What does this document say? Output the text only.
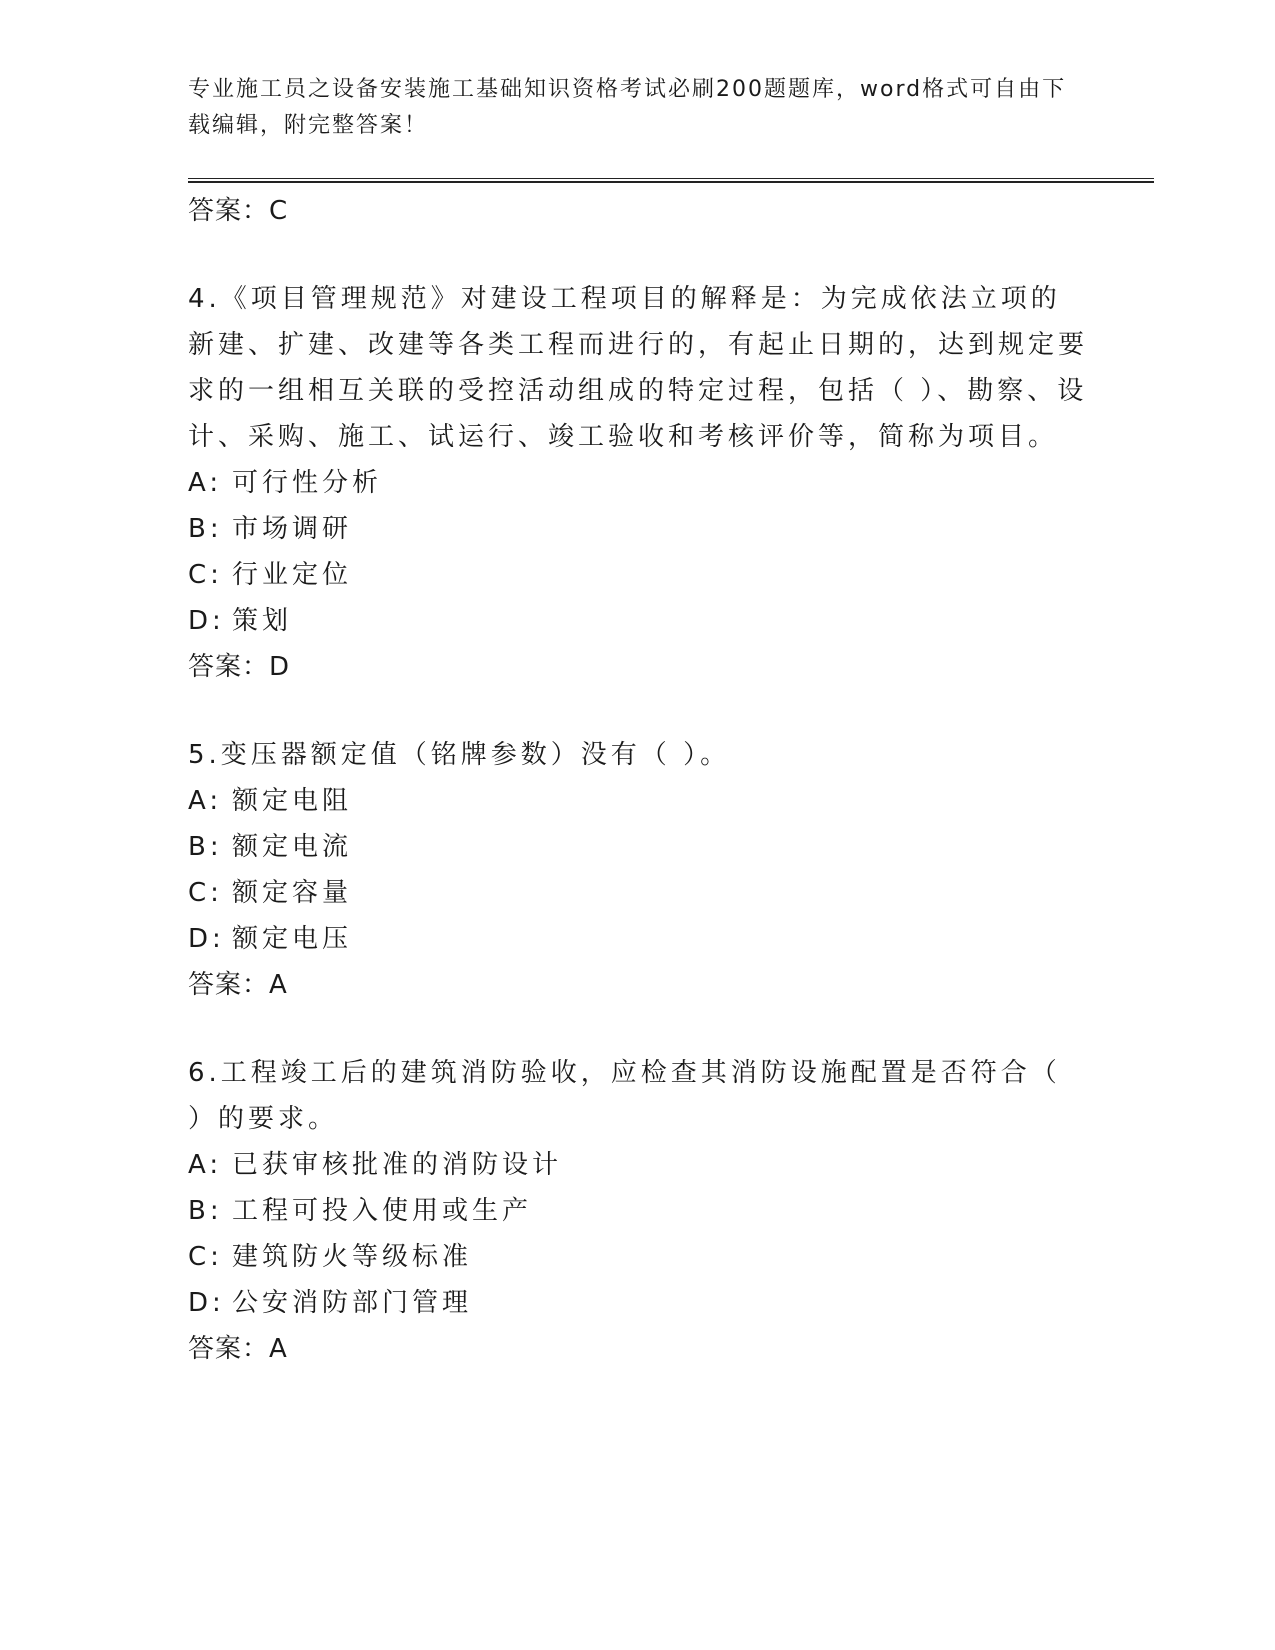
专业施工员之设备安装施工基础知识资格考试必刷200题题库，word格式可自由下载编辑，附完整答案！
答案：C
4.《项目管理规范》对建设工程项目的解释是：为完成依法立项的新建、扩建、改建等各类工程而进行的，有起止日期的，达到规定要求的一组相互关联的受控活动组成的特定过程，包括（ ）、勘察、设计、采购、施工、试运行、竣工验收和考核评价等，简称为项目。
A: 可行性分析
B: 市场调研
C: 行业定位
D: 策划
答案：D
5.变压器额定值（铭牌参数）没有（ ）。
A: 额定电阻
B: 额定电流
C: 额定容量
D: 额定电压
答案：A
6.工程竣工后的建筑消防验收，应检查其消防设施配置是否符合（ ）的要求。
A: 已获审核批准的消防设计
B: 工程可投入使用或生产
C: 建筑防火等级标准
D: 公安消防部门管理
答案：A
